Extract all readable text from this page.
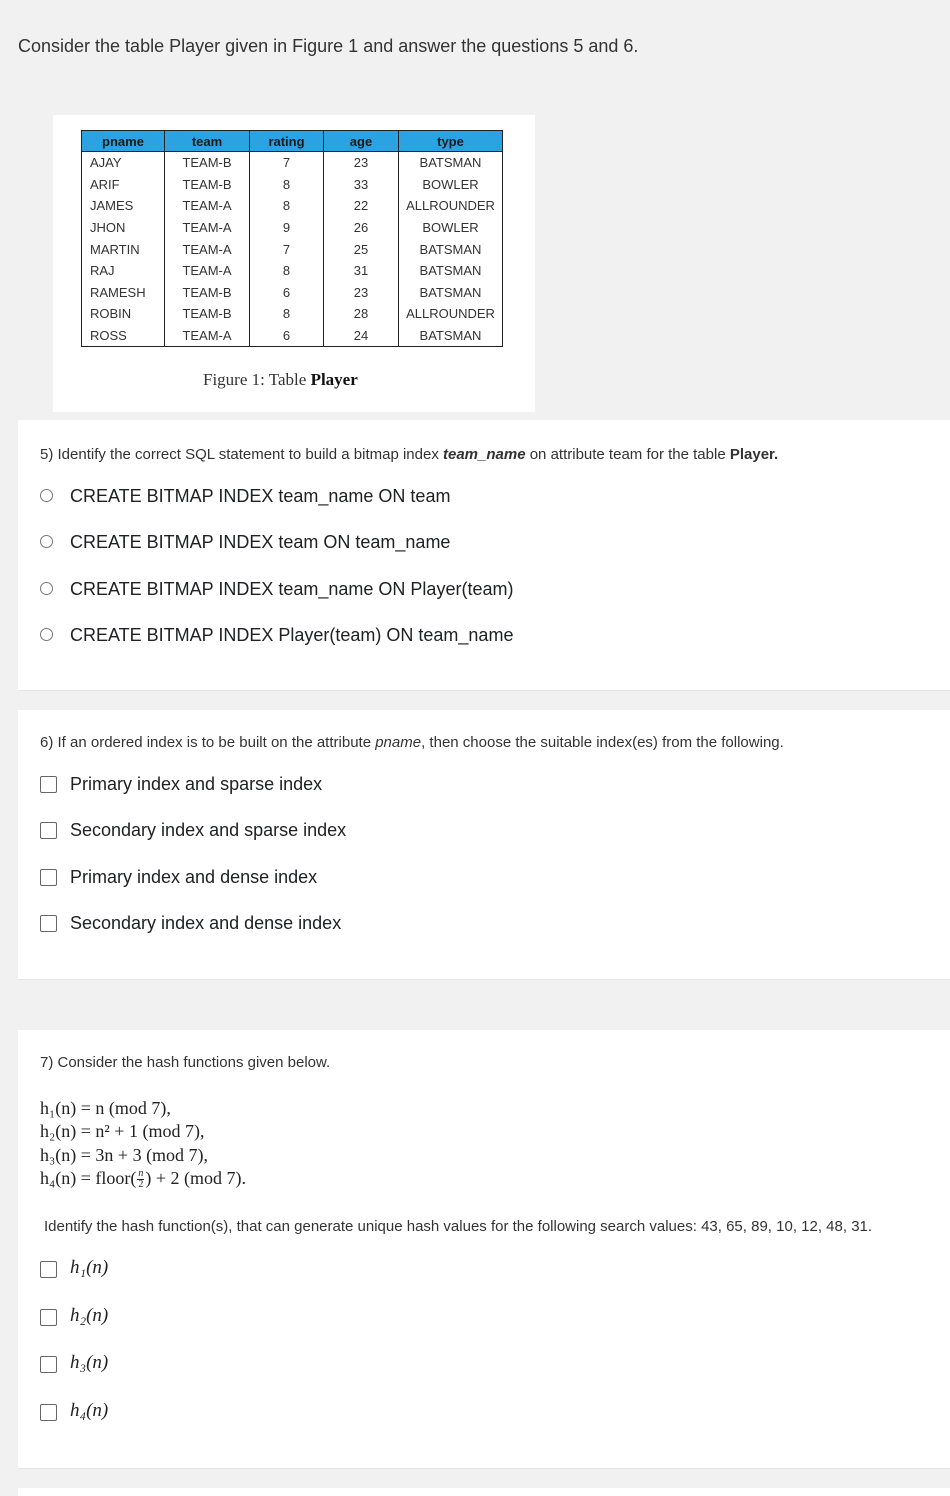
Consider the table Player given in Figure 1 and answer the questions 5 and 6.
pname	team	rating	age	type
AJAY	TEAM-B	7	23	BATSMAN
ARIF	TEAM-B	8	33	BOWLER
JAMES	TEAM-A	8	22	ALLROUNDER
JHON	TEAM-A	9	26	BOWLER
MARTIN	TEAM-A	7	25	BATSMAN
RAJ	TEAM-A	8	31	BATSMAN
RAMESH	TEAM-B	6	23	BATSMAN
ROBIN	TEAM-B	8	28	ALLROUNDER
ROSS	TEAM-A	6	24	BATSMAN
Figure 1: Table Player
5) Identify the correct SQL statement to build a bitmap index team_name on attribute team for the table Player.
CREATE BITMAP INDEX team_name ON team
CREATE BITMAP INDEX team ON team_name
CREATE BITMAP INDEX team_name ON Player(team)
CREATE BITMAP INDEX Player(team) ON team_name
6) If an ordered index is to be built on the attribute pname, then choose the suitable index(es) from the following.
Primary index and sparse index
Secondary index and sparse index
Primary index and dense index
Secondary index and dense index
7) Consider the hash functions given below.
h₁(n) = n (mod 7),
h₂(n) = n² + 1 (mod 7),
h₃(n) = 3n + 3 (mod 7),
h₄(n) = floor( $\frac{n}{2}$ ) + 2 (mod 7).
Identify the hash function(s), that can generate unique hash values for the following search values: 43, 65, 89, 10, 12, 48, 31.
h₁(n)
h₂(n)
h₃(n)
h₄(n)
